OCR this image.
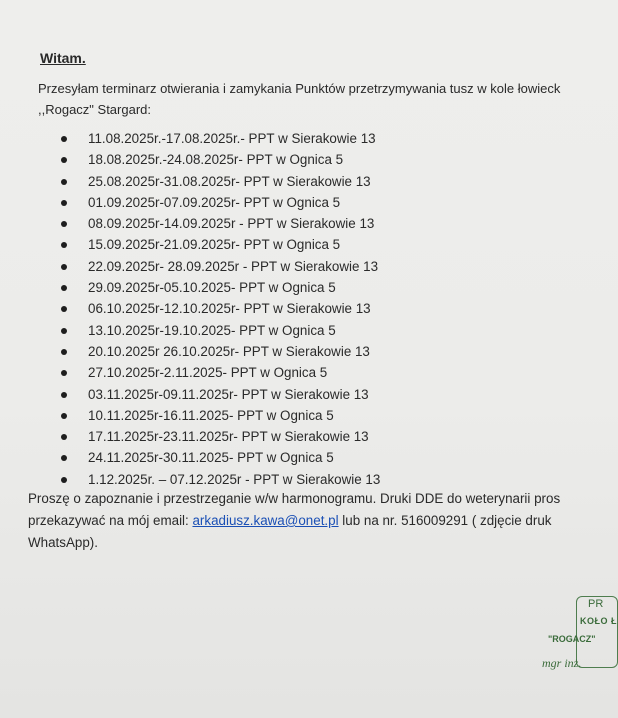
Witam.
Przesyłam terminarz otwierania i zamykania Punktów przetrzymywania tusz w kole łowieck
,,Rogacz" Stargard:
11.08.2025r.-17.08.2025r.- PPT w Sierakowie 13
18.08.2025r.-24.08.2025r- PPT w Ognica 5
25.08.2025r-31.08.2025r- PPT w Sierakowie 13
01.09.2025r-07.09.2025r- PPT w Ognica 5
08.09.2025r-14.09.2025r - PPT w Sierakowie 13
15.09.2025r-21.09.2025r- PPT w Ognica 5
22.09.2025r- 28.09.2025r - PPT w Sierakowie 13
29.09.2025r-05.10.2025- PPT w Ognica 5
06.10.2025r-12.10.2025r- PPT w Sierakowie 13
13.10.2025r-19.10.2025- PPT w Ognica 5
20.10.2025r 26.10.2025r- PPT w Sierakowie 13
27.10.2025r-2.11.2025- PPT w Ognica 5
03.11.2025r-09.11.2025r- PPT w Sierakowie 13
10.11.2025r-16.11.2025- PPT w Ognica 5
17.11.2025r-23.11.2025r- PPT w Sierakowie 13
24.11.2025r-30.11.2025- PPT w Ognica 5
1.12.2025r. – 07.12.2025r - PPT w Sierakowie 13
Proszę o zapoznanie i przestrzeganie w/w harmonogramu. Druki DDE do weterynarii pros
przekazywać na mój email: arkadiusz.kawa@onet.pl lub na nr. 516009291 ( zdjęcie druk
WhatsApp).
PR
KOŁO Ł
"ROGACZ"
mgr inż.
